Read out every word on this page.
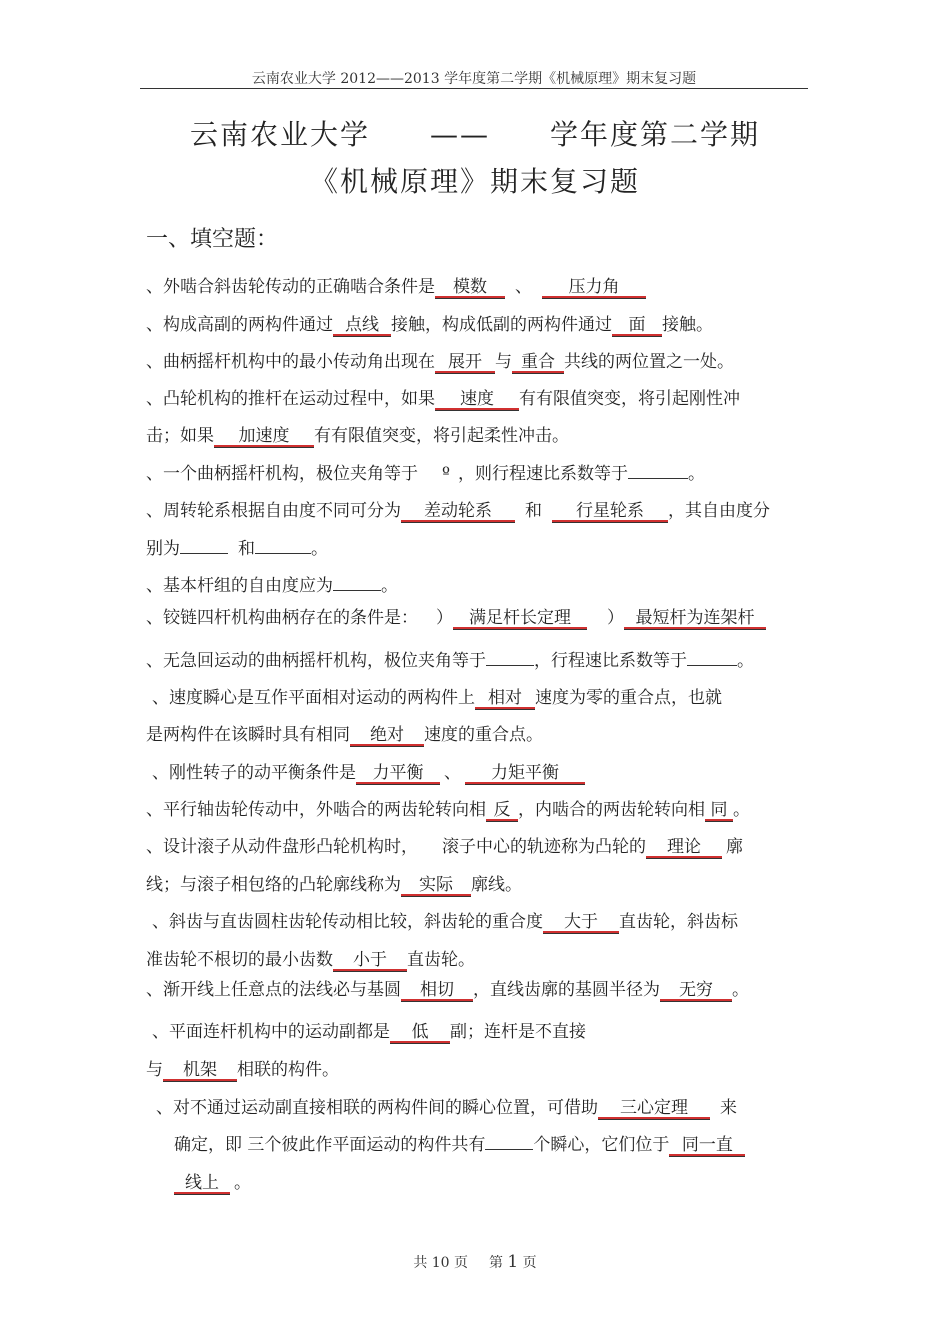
云南农业大学 2012——2013 学年度第二学期《机械原理》期末复习题
云南农业大学 —— 学年度第二学期
《机械原理》期末复习题
一、填空题：
、外啮合斜齿轮传动的正确啮合条件是 模数 、 压力角
、构成高副的两构件通过 点线 接触，构成低副的两构件通过 面 接触。
、曲柄摇杆机构中的最小传动角出现在 展开 与 重合 共线的两位置之一处。
、凸轮机构的推杆在运动过程中，如果 速度 有有限值突变，将引起刚性冲
击；如果 加速度 有有限值突变，将引起柔性冲击。
、一个曲柄摇杆机构，极位夹角等于 º ，则行程速比系数等于	。
、周转轮系根据自由度不同可分为 差动轮系 和 行星轮系 ，其自由度分
别为	和	。
、基本杆组的自由度应为	。
、铰链四杆机构曲柄存在的条件是： ） 满足杆长定理 ） 最短杆为连架杆
、无急回运动的曲柄摇杆机构，极位夹角等于	，行程速比系数等于	。
、速度瞬心是互作平面相对运动的两构件上 相对 速度为零的重合点，也就
是两构件在该瞬时具有相同 绝对 速度的重合点。
、刚性转子的动平衡条件是 力平衡 、 力矩平衡
、平行轴齿轮传动中，外啮合的两齿轮转向相 反 ，内啮合的两齿轮转向相 同 。
、设计滚子从动件盘形凸轮机构时， 滚子中心的轨迹称为凸轮的 理论 廓
线；与滚子相包络的凸轮廓线称为 实际 廓线。
、斜齿与直齿圆柱齿轮传动相比较，斜齿轮的重合度 大于 直齿轮，斜齿标
准齿轮不根切的最小齿数 小于 直齿轮。
、渐开线上任意点的法线必与基圆 相切 ，直线齿廓的基圆半径为 无穷 。
、平面连杆机构中的运动副都是 低 副；连杆是不直接
与 机架 相联的构件。
、对不通过运动副直接相联的两构件间的瞬心位置，可借助 三心定理 来
确定，即 三个彼此作平面运动的构件共有	个瞬心，它们位于 同一直
线上 。
共 10 页 第 1 页
